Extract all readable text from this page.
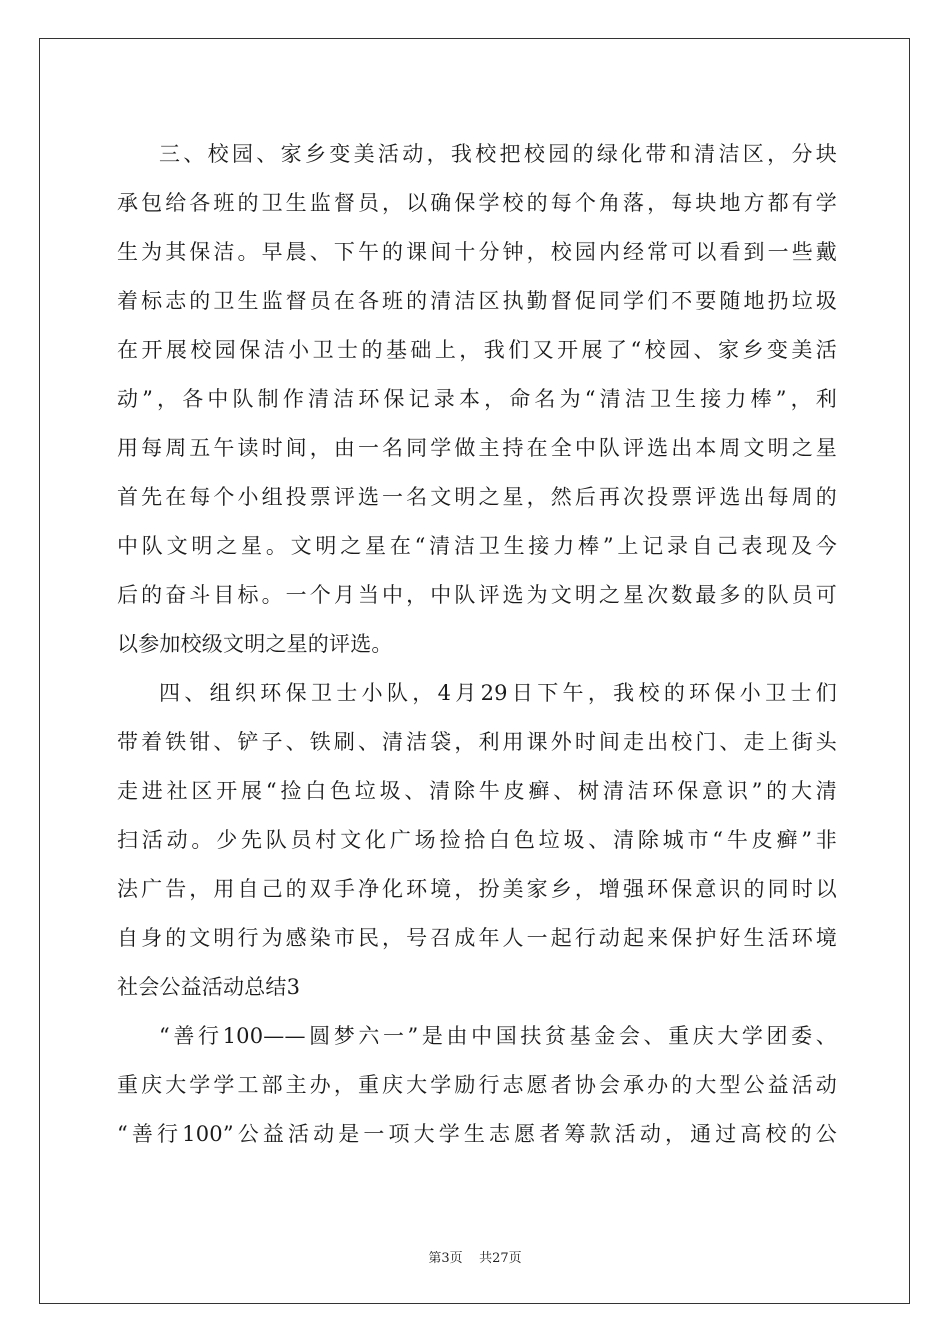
三、校园、家乡变美活动，我校把校园的绿化带和清洁区，分块
承包给各班的卫生监督员，以确保学校的每个角落，每块地方都有学
生为其保洁。早晨、下午的课间十分钟，校园内经常可以看到一些戴
着标志的卫生监督员在各班的清洁区执勤督促同学们不要随地扔垃圾
在开展校园保洁小卫士的基础上，我们又开展了“校园、家乡变美活
动”，各中队制作清洁环保记录本，命名为“清洁卫生接力棒”，利
用每周五午读时间，由一名同学做主持在全中队评选出本周文明之星
首先在每个小组投票评选一名文明之星，然后再次投票评选出每周的
中队文明之星。文明之星在“清洁卫生接力棒”上记录自己表现及今
后的奋斗目标。一个月当中，中队评选为文明之星次数最多的队员可
以参加校级文明之星的评选。
四、组织环保卫士小队，4月29日下午，我校的环保小卫士们
带着铁钳、铲子、铁刷、清洁袋，利用课外时间走出校门、走上街头
走进社区开展“捡白色垃圾、清除牛皮癣、树清洁环保意识”的大清
扫活动。少先队员村文化广场捡拾白色垃圾、清除城市“牛皮癣”非
法广告，用自己的双手净化环境，扮美家乡，增强环保意识的同时以
自身的文明行为感染市民，号召成年人一起行动起来保护好生活环境
社会公益活动总结3
“善行100——圆梦六一”是由中国扶贫基金会、重庆大学团委、
重庆大学学工部主办，重庆大学励行志愿者协会承办的大型公益活动
“善行100”公益活动是一项大学生志愿者筹款活动，通过高校的公
第3页 共27页
